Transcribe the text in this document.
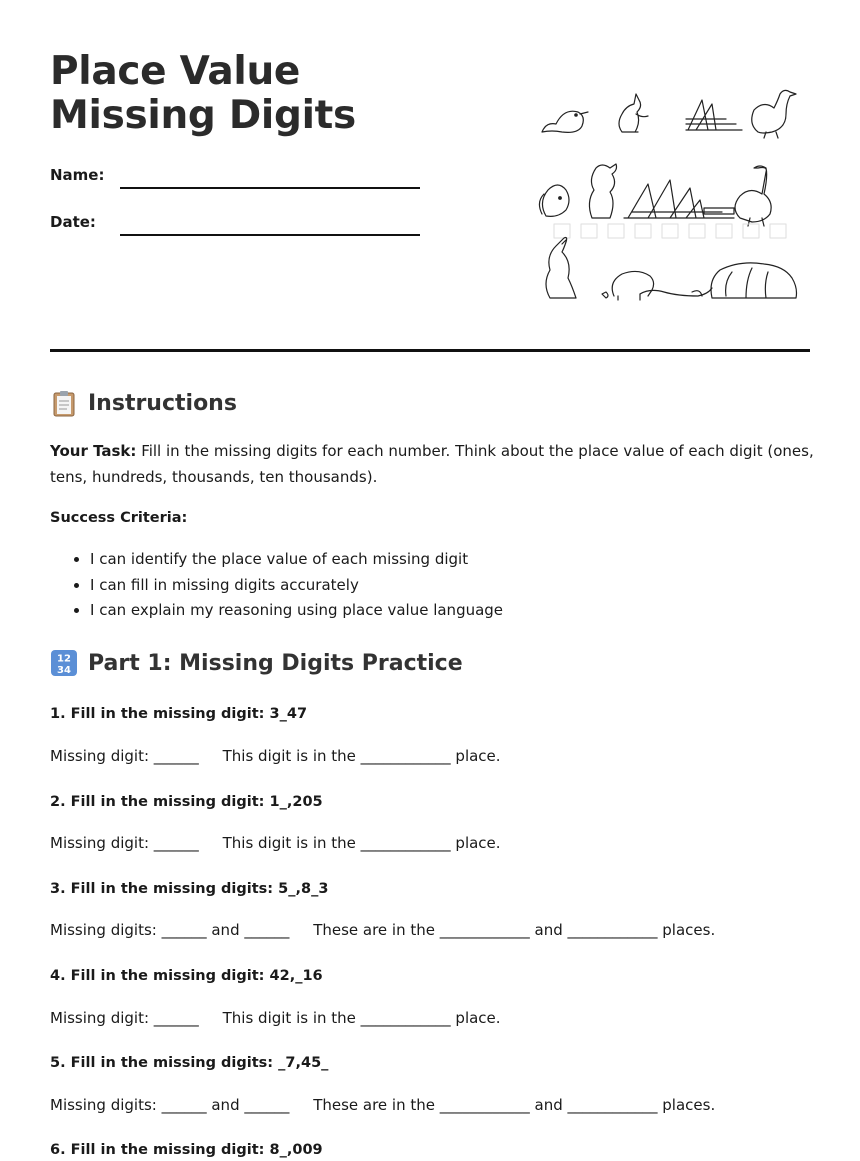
Place Value Missing Digits
Name:
Date:
Instructions

Your Task: Fill in the missing digits for each number. Think about the place value of each digit (ones, tens, hundreds, thousands, ten thousands).

Success Criteria:
• I can identify the place value of each missing digit
• I can fill in missing digits accurately
• I can explain my reasoning using place value language
12
34 Part 1: Missing Digits Practice
1. Fill in the missing digit: 3_47
Missing digit: ______     This digit is in the ____________ place.
2. Fill in the missing digit: 1_,205
Missing digit: ______     This digit is in the ____________ place.
3. Fill in the missing digits: 5_,8_3
Missing digits: ______ and ______     These are in the ____________ and ____________ places.
4. Fill in the missing digit: 42,_16
Missing digit: ______     This digit is in the ____________ place.
5. Fill in the missing digits: _7,45_
Missing digits: ______ and ______     These are in the ____________ and ____________ places.
6. Fill in the missing digit: 8_,009
